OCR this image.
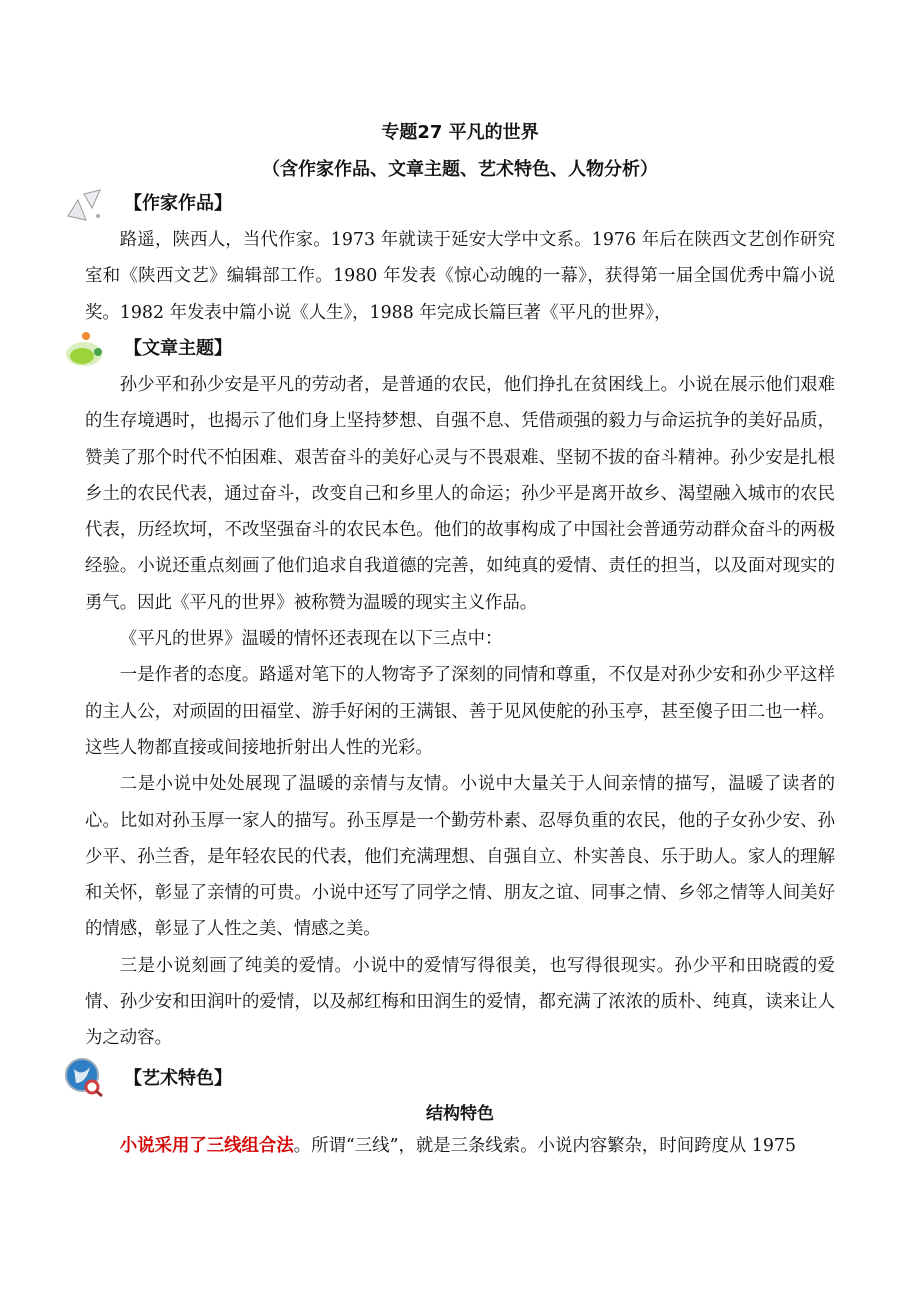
专题27 平凡的世界
（含作家作品、文章主题、艺术特色、人物分析）
【作家作品】

路遥，陕西人，当代作家。1973 年就读于延安大学中文系。1976 年后在陕西文艺创作研究室和《陕西文艺》编辑部工作。1980 年发表《惊心动魄的一幕》，获得第一届全国优秀中篇小说奖。1982 年发表中篇小说《人生》，1988 年完成长篇巨著《平凡的世界》，

【文章主题】

孙少平和孙少安是平凡的劳动者，是普通的农民，他们挣扎在贫困线上。小说在展示他们艰难的生存境遇时，也揭示了他们身上坚持梦想、自强不息、凭借顽强的毅力与命运抗争的美好品质，赞美了那个时代不怕困难、艰苦奋斗的美好心灵与不畏艰难、坚韧不拔的奋斗精神。孙少安是扎根乡土的农民代表，通过奋斗，改变自己和乡里人的命运；孙少平是离开故乡、渴望融入城市的农民代表，历经坎坷，不改坚强奋斗的农民本色。他们的故事构成了中国社会普通劳动群众奋斗的两极经验。小说还重点刻画了他们追求自我道德的完善，如纯真的爱情、责任的担当，以及面对现实的勇气。因此《平凡的世界》被称赞为温暖的现实主义作品。

《平凡的世界》温暖的情怀还表现在以下三点中：

一是作者的态度。路遥对笔下的人物寄予了深刻的同情和尊重，不仅是对孙少安和孙少平这样的主人公，对顽固的田福堂、游手好闲的王满银、善于见风使舵的孙玉亭，甚至傻子田二也一样。这些人物都直接或间接地折射出人性的光彩。

二是小说中处处展现了温暖的亲情与友情。小说中大量关于人间亲情的描写，温暖了读者的心。比如对孙玉厚一家人的描写。孙玉厚是一个勤劳朴素、忍辱负重的农民，他的子女孙少安、孙少平、孙兰香，是年轻农民的代表，他们充满理想、自强自立、朴实善良、乐于助人。家人的理解和关怀，彰显了亲情的可贵。小说中还写了同学之情、朋友之谊、同事之情、乡邻之情等人间美好的情感，彰显了人性之美、情感之美。

三是小说刻画了纯美的爱情。小说中的爱情写得很美，也写得很现实。孙少平和田晓霞的爱情、孙少安和田润叶的爱情，以及郝红梅和田润生的爱情，都充满了浓浓的质朴、纯真，读来让人为之动容。

【艺术特色】
结构特色

小说采用了三线组合法。所谓“三线”，就是三条线索。小说内容繁杂，时间跨度从 1975
